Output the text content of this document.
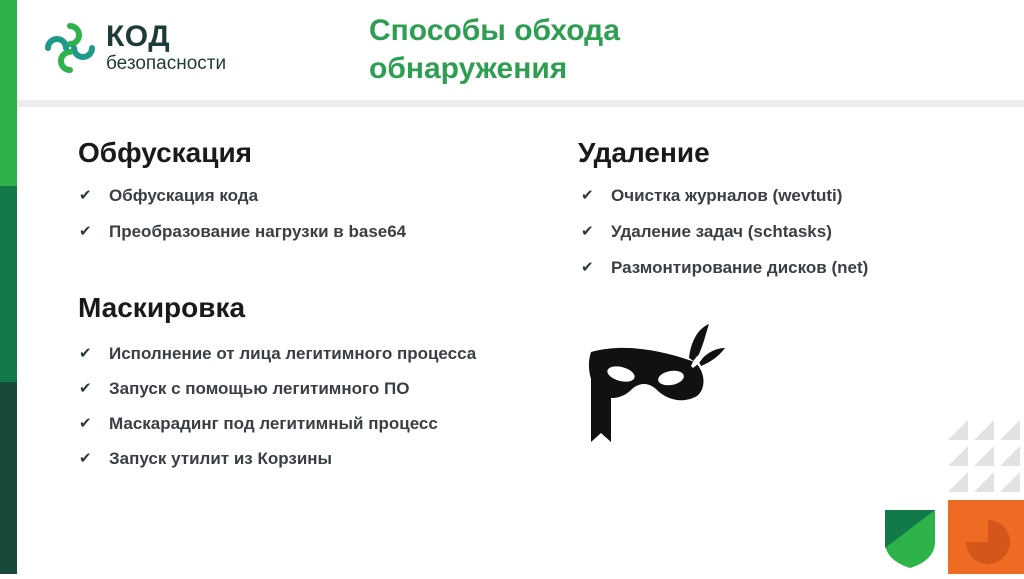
КОД
безопасности
Способы обхода
обнаружения
Обфускация
✔ Обфускация кода
✔ Преобразование нагрузки в base64
Маскировка
✔ Исполнение от лица легитимного процесса
✔ Запуск с помощью легитимного ПО
✔ Маскарадинг под легитимный процесс
✔ Запуск утилит из Корзины
Удаление
✔ Очистка журналов (wevtuti)
✔ Удаление задач (schtasks)
✔ Размонтирование дисков (net)
